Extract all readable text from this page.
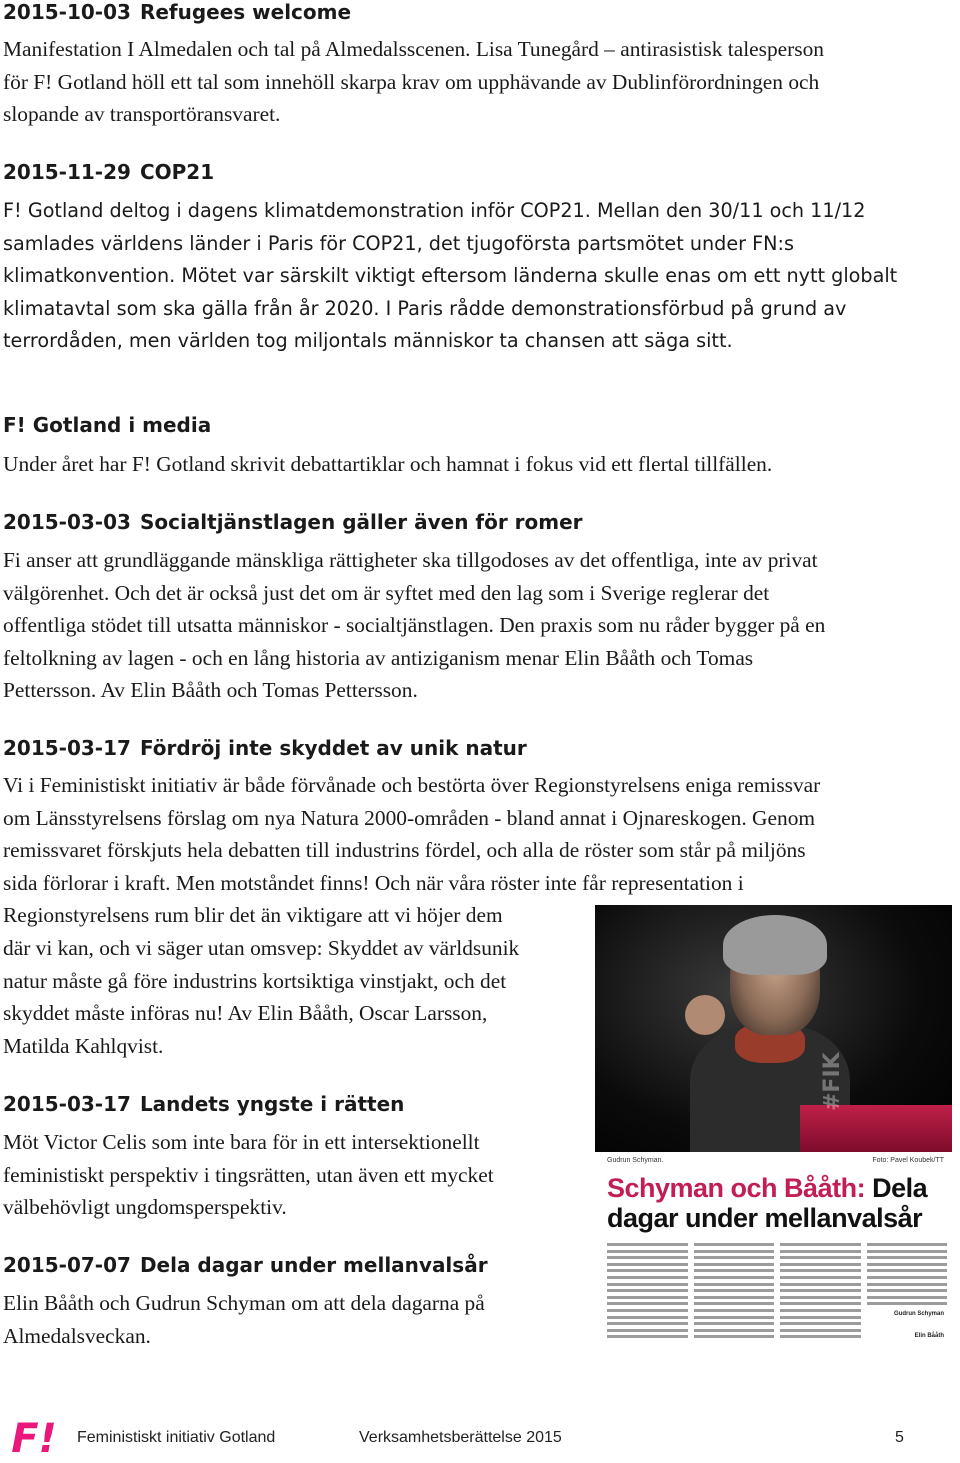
2015-10-03 Refugees welcome
Manifestation I Almedalen och tal på Almedalsscenen. Lisa Tunegård – antirasistisk talesperson
för F! Gotland höll ett tal som innehöll skarpa krav om upphävande av Dublinförordningen och
slopande av transportöransvaret.
2015-11-29 COP21
F! Gotland deltog i dagens klimatdemonstration inför COP21. Mellan den 30/11 och 11/12
samlades världens länder i Paris för COP21, det tjugoförsta partsmötet under FN:s
klimatkonvention. Mötet var särskilt viktigt eftersom länderna skulle enas om ett nytt globalt
klimatavtal som ska gälla från år 2020. I Paris rådde demonstrationsförbud på grund av
terrordåden, men världen tog miljontals människor ta chansen att säga sitt.
F! Gotland i media
Under året har F! Gotland skrivit debattartiklar och hamnat i fokus vid ett flertal tillfällen.
2015-03-03 Socialtjänstlagen gäller även för romer
Fi anser att grundläggande mänskliga rättigheter ska tillgodoses av det offentliga, inte av privat
välgörenhet. Och det är också just det om är syftet med den lag som i Sverige reglerar det
offentliga stödet till utsatta människor - socialtjänstlagen. Den praxis som nu råder bygger på en
feltolkning av lagen - och en lång historia av antiziganism menar Elin Bååth och Tomas
Pettersson. Av Elin Bååth och Tomas Pettersson.
2015-03-17 Fördröj inte skyddet av unik natur
Vi i Feministiskt initiativ är både förvånade och bestörta över Regionstyrelsens eniga remissvar
om Länsstyrelsens förslag om nya Natura 2000-områden - bland annat i Ojnareskogen. Genom
remissvaret förskjuts hela debatten till industrins fördel, och alla de röster som står på miljöns
sida förlorar i kraft. Men motståndet finns! Och när våra röster inte får representation i
Regionstyrelsens rum blir det än viktigare att vi höjer dem
där vi kan, och vi säger utan omsvep: Skyddet av världsunik
natur måste gå före industrins kortsiktiga vinstjakt, och det
skyddet måste införas nu! Av Elin Bååth, Oscar Larsson,
Matilda Kahlqvist.
2015-03-17 Landets yngste i rätten
Möt Victor Celis som inte bara för in ett intersektionellt
feministiskt perspektiv i tingsrätten, utan även ett mycket
välbehövligt ungdomsperspektiv.
2015-07-07 Dela dagar under mellanvalsår
Elin Bååth och Gudrun Schyman om att dela dagarna på
Almedalsveckan.
#FIK
Gudrun Schyman.	Foto: Pavel Koubek/TT
Schyman och Bååth: Dela
dagar under mellanvalsår
Gudrun Schyman
Elin Bååth
F! Feministiskt initiativ Gotland	Verksamhetsberättelse 2015	5
